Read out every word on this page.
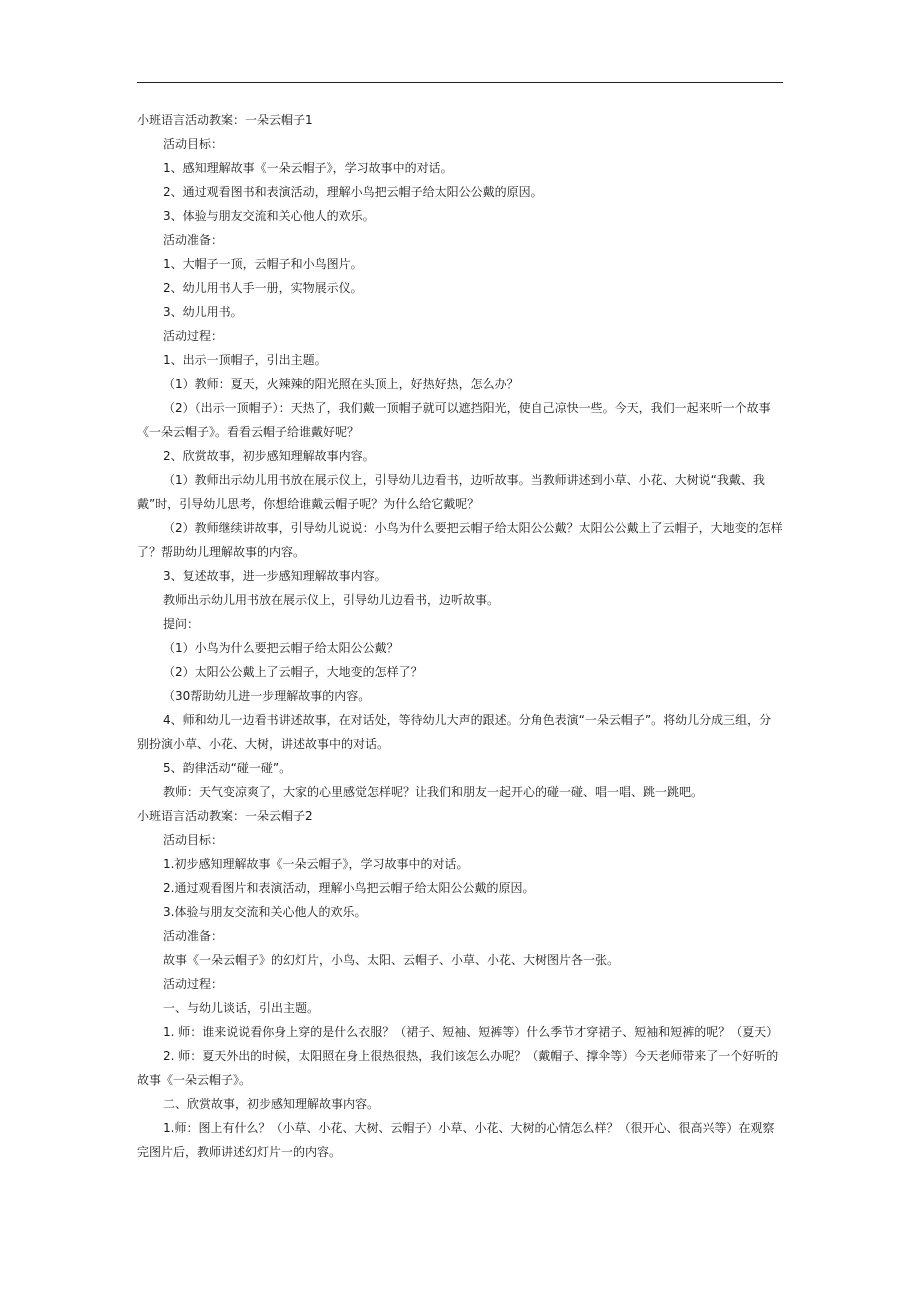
小班语言活动教案：一朵云帽子1

活动目标：

1、感知理解故事《一朵云帽子》，学习故事中的对话。

2、通过观看图书和表演活动，理解小鸟把云帽子给太阳公公戴的原因。

3、体验与朋友交流和关心他人的欢乐。

活动准备：

1、大帽子一顶，云帽子和小鸟图片。

2、幼儿用书人手一册，实物展示仪。

3、幼儿用书。

活动过程：

1、出示一顶帽子，引出主题。

（1）教师：夏天，火辣辣的阳光照在头顶上，好热好热，怎么办？

（2）（出示一顶帽子）：天热了，我们戴一顶帽子就可以遮挡阳光，使自己凉快一些。今天，我们一起来听一个故事《一朵云帽子》。看看云帽子给谁戴好呢？

2、欣赏故事，初步感知理解故事内容。

（1）教师出示幼儿用书放在展示仪上，引导幼儿边看书，边听故事。当教师讲述到小草、小花、大树说“我戴、我戴”时，引导幼儿思考，你想给谁戴云帽子呢？为什么给它戴呢？

（2）教师继续讲故事，引导幼儿说说：小鸟为什么要把云帽子给太阳公公戴？太阳公公戴上了云帽子，大地变的怎样了？帮助幼儿理解故事的内容。

3、复述故事，进一步感知理解故事内容。

教师出示幼儿用书放在展示仪上，引导幼儿边看书，边听故事。

提问：

（1）小鸟为什么要把云帽子给太阳公公戴？

（2）太阳公公戴上了云帽子，大地变的怎样了？

（30帮助幼儿进一步理解故事的内容。

4、师和幼儿一边看书讲述故事，在对话处，等待幼儿大声的跟述。分角色表演“一朵云帽子”。将幼儿分成三组，分别扮演小草、小花、大树，讲述故事中的对话。

5、韵律活动“碰一碰”。

教师：天气变凉爽了，大家的心里感觉怎样呢？让我们和朋友一起开心的碰一碰、唱一唱、跳一跳吧。

小班语言活动教案：一朵云帽子2

活动目标：

1.初步感知理解故事《一朵云帽子》，学习故事中的对话。

2.通过观看图片和表演活动，理解小鸟把云帽子给太阳公公戴的原因。

3.体验与朋友交流和关心他人的欢乐。

活动准备：

故事《一朵云帽子》的幻灯片，小鸟、太阳、云帽子、小草、小花、大树图片各一张。

活动过程：

一、与幼儿谈话，引出主题。

1. 师：谁来说说看你身上穿的是什么衣服？（裙子、短袖、短裤等）什么季节才穿裙子、短袖和短裤的呢？（夏天）

2. 师：夏天外出的时候，太阳照在身上很热很热，我们该怎么办呢？（戴帽子、撑伞等）今天老师带来了一个好听的故事《一朵云帽子》。

二、欣赏故事，初步感知理解故事内容。

1.师：图上有什么？（小草、小花、大树、云帽子）小草、小花、大树的心情怎么样？（很开心、很高兴等）在观察完图片后，教师讲述幻灯片一的内容。
